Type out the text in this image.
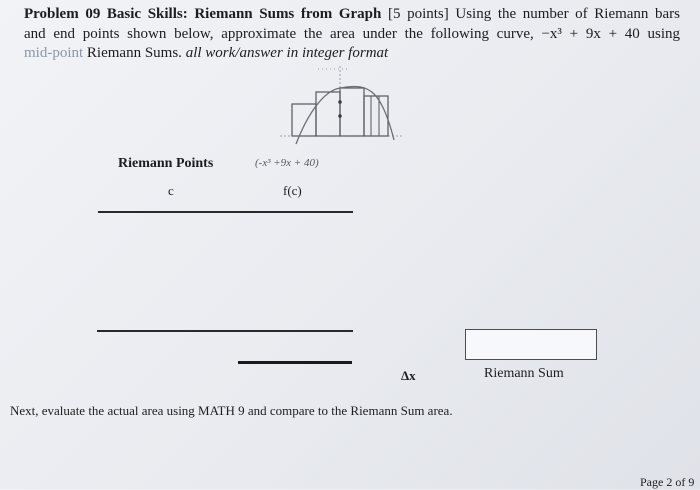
Problem 09 Basic Skills: Riemann Sums from Graph [5 points] Using the number of Riemann bars
and end points shown below, approximate the area under the following curve, −x³ + 9x + 40 using
mid-point Riemann Sums. all work/answer in integer format
Riemann Points	(-x³ +9x + 40)
c	f(c)
Δx	Riemann Sum
Next, evaluate the actual area using MATH 9 and compare to the Riemann Sum area.
Page 2 of 9
